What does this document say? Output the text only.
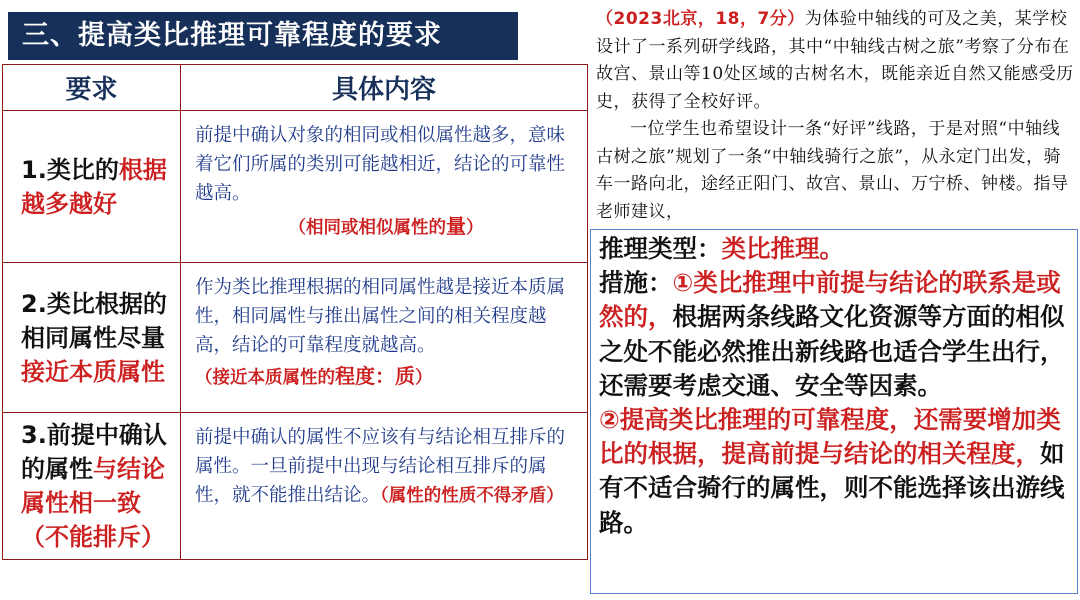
三、提高类比推理可靠程度的要求
要求	具体内容
1.类比的根据越多越好	前提中确认对象的相同或相似属性越多，意味着它们所属的类别可能越相近，结论的可靠性越高。
（相同或相似属性的量）

2.类比根据的相同属性尽量接近本质属性	作为类比推理根据的相同属性越是接近本质属性，相同属性与推出属性之间的相关程度越高，结论的可靠程度就越高。
（接近本质属性的程度：质）

3.前提中确认的属性与结论属性相一致（不能排斥）	前提中确认的属性不应该有与结论相互排斥的属性。一旦前提中出现与结论相互排斥的属性，就不能推出结论。（属性的性质不得矛盾）

（2023北京，18，7分）为体验中轴线的可及之美，某学校设计了一系列研学线路，其中“中轴线古树之旅”考察了分布在故宫、景山等10处区域的古树名木，既能亲近自然又能感受历史，获得了全校好评。

一位学生也希望设计一条“好评”线路，于是对照“中轴线古树之旅”规划了一条“中轴线骑行之旅”，从永定门出发，骑车一路向北，途经正阳门、故宫、景山、万宁桥、钟楼。指导老师建议，

推理类型：类比推理。
措施：①类比推理中前提与结论的联系是或然的，根据两条线路文化资源等方面的相似之处不能必然推出新线路也适合学生出行，还需要考虑交通、安全等因素。
②提高类比推理的可靠程度，还需要增加类比的根据，提高前提与结论的相关程度，如有不适合骑行的属性，则不能选择该出游线路。
